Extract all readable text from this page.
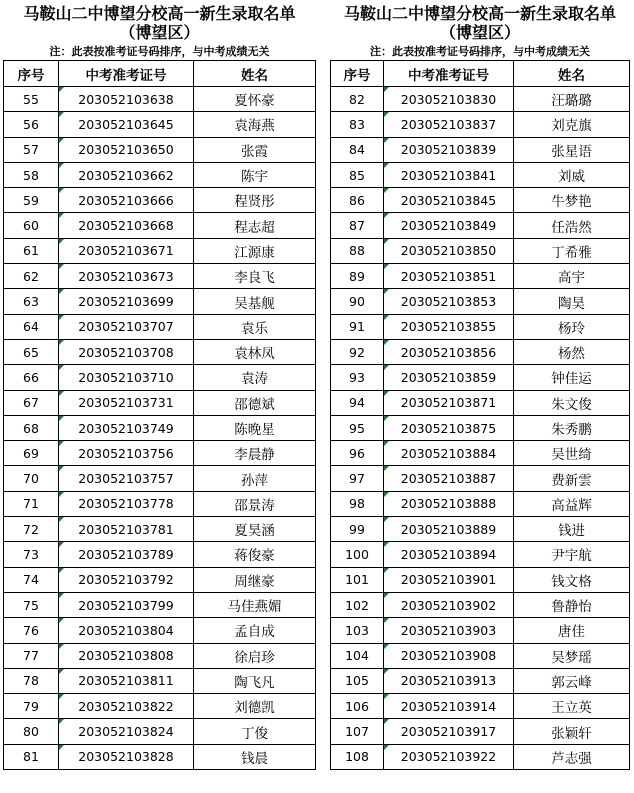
马鞍山二中博望分校高一新生录取名单
（博望区）
注：此表按准考证号码排序，与中考成绩无关
序号	中考准考证号	姓名
55	203052103638	夏怀豪
56	203052103645	袁海燕
57	203052103650	张霞
58	203052103662	陈宇
59	203052103666	程贤彤
60	203052103668	程志超
61	203052103671	江源康
62	203052103673	李良飞
63	203052103699	吴基舰
64	203052103707	袁乐
65	203052103708	袁林凤
66	203052103710	袁涛
67	203052103731	邵德斌
68	203052103749	陈晚星
69	203052103756	李晨静
70	203052103757	孙萍
71	203052103778	邵景涛
72	203052103781	夏昊涵
73	203052103789	蒋俊豪
74	203052103792	周继豪
75	203052103799	马佳燕媚
76	203052103804	孟自成
77	203052103808	徐启珍
78	203052103811	陶飞凡
79	203052103822	刘德凯
80	203052103824	丁俊
81	203052103828	钱晨
马鞍山二中博望分校高一新生录取名单
（博望区）
注：此表按准考证号码排序，与中考成绩无关
序号	中考准考证号	姓名
82	203052103830	汪璐璐
83	203052103837	刘克旗
84	203052103839	张星语
85	203052103841	刘威
86	203052103845	牛梦艳
87	203052103849	任浩然
88	203052103850	丁希雅
89	203052103851	高宇
90	203052103853	陶昊
91	203052103855	杨玲
92	203052103856	杨然
93	203052103859	钟佳运
94	203052103871	朱文俊
95	203052103875	朱秀鹏
96	203052103884	吴世绮
97	203052103887	费新雲
98	203052103888	高益辉
99	203052103889	钱进
100	203052103894	尹宇航
101	203052103901	钱文格
102	203052103902	鲁静怡
103	203052103903	唐佳
104	203052103908	吴梦瑶
105	203052103913	郭云峰
106	203052103914	王立英
107	203052103917	张颖轩
108	203052103922	芦志强
